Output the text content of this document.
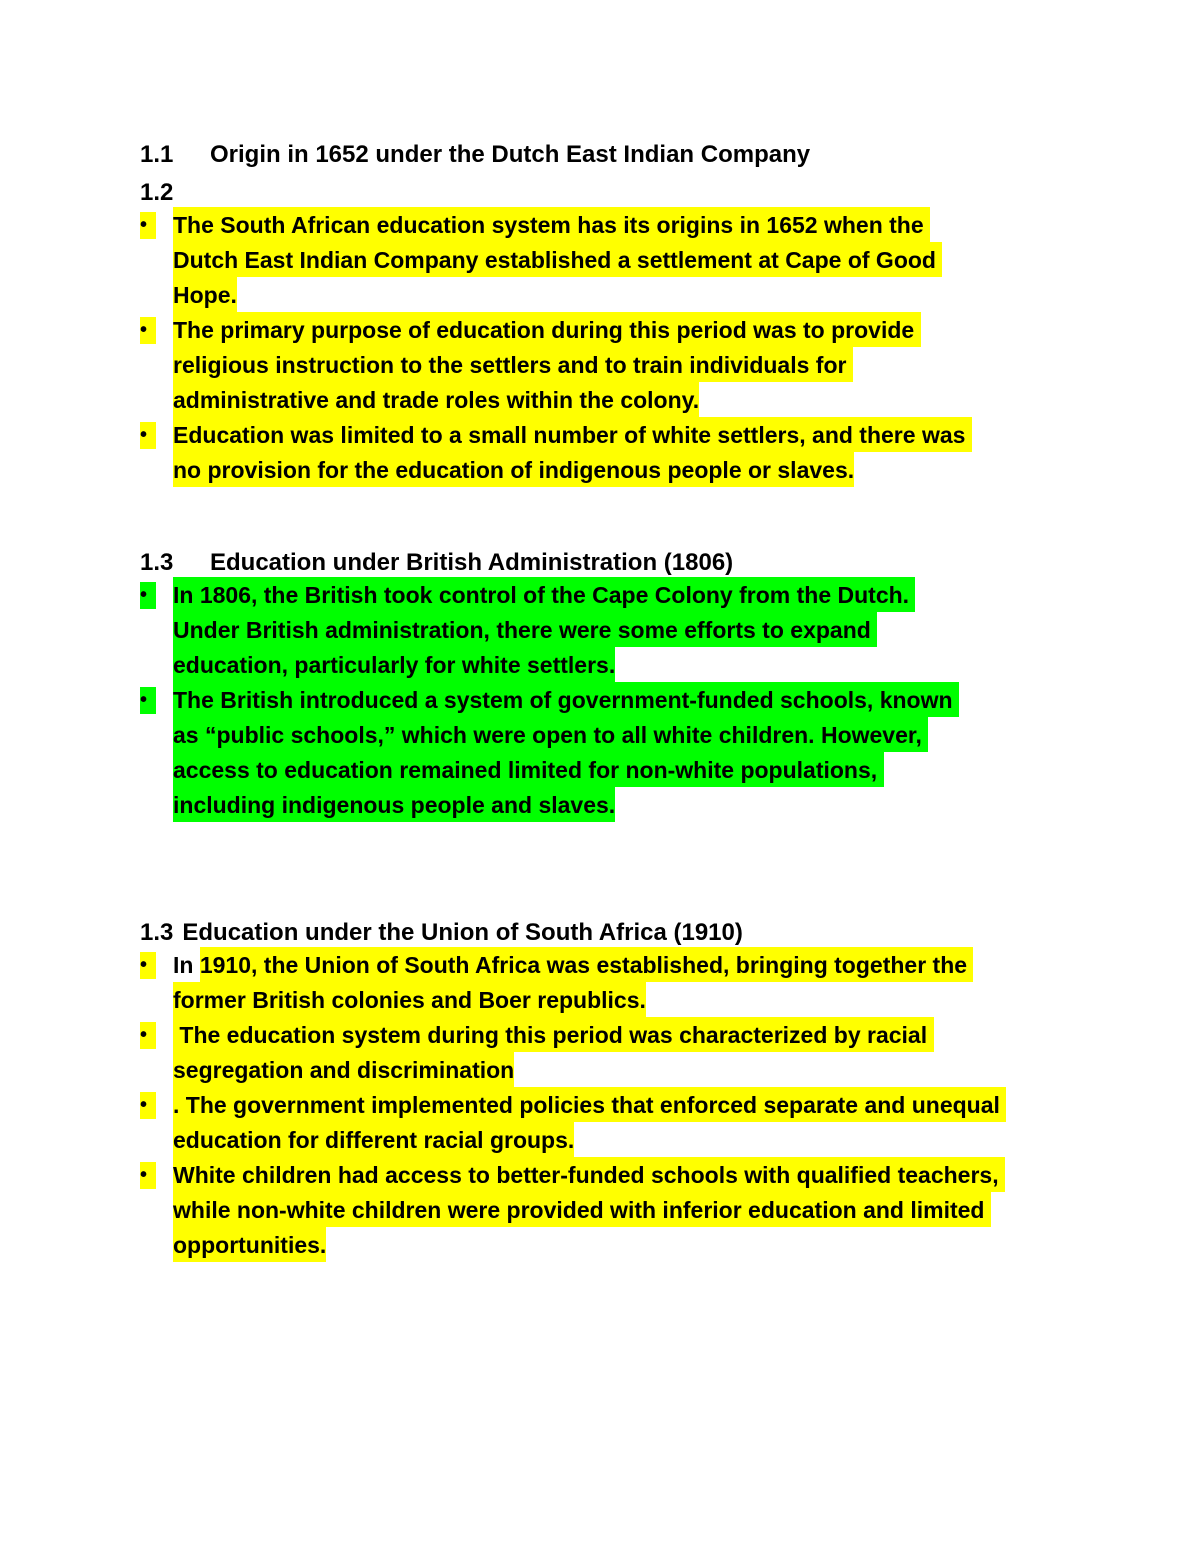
1.1 Origin in 1652 under the Dutch East Indian Company
1.2
•	The South African education system has its origins in 1652 when the Dutch East Indian Company established a settlement at Cape of Good Hope.
•	The primary purpose of education during this period was to provide religious instruction to the settlers and to train individuals for administrative and trade roles within the colony.
•	Education was limited to a small number of white settlers, and there was no provision for the education of indigenous people or slaves.
1.3 Education under British Administration (1806)
•	In 1806, the British took control of the Cape Colony from the Dutch. Under British administration, there were some efforts to expand education, particularly for white settlers.
•	The British introduced a system of government-funded schools, known as “public schools,” which were open to all white children. However, access to education remained limited for non-white populations, including indigenous people and slaves.
1.3 Education under the Union of South Africa (1910)
•	In 1910, the Union of South Africa was established, bringing together the former British colonies and Boer republics.
•	The education system during this period was characterized by racial segregation and discrimination
•	. The government implemented policies that enforced separate and unequal education for different racial groups.
•	White children had access to better-funded schools with qualified teachers, while non-white children were provided with inferior education and limited opportunities.
